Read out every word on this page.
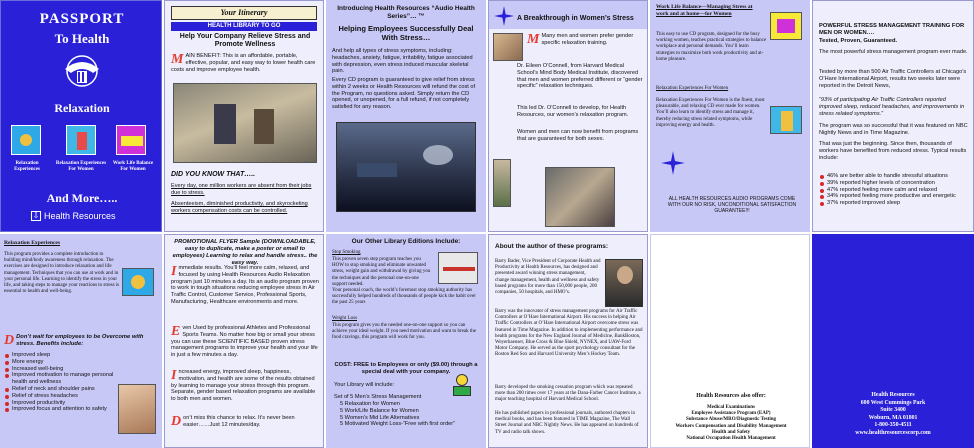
PASSPORT
To Health
Relaxation
Relaxation Experiences
Relaxation Experiences For Women
Work Life Balance For Women
And More…..
⇩ Health Resources
Your Itinerary
HEALTH LIBRARY TO GO
Help Your Company Relieve Stress and Promote Wellness
MAIN BENEFIT: This is an affordable, portable, effective, popular, and easy way to lower health care costs and improve employee health.
DID YOU KNOW THAT…..
Every day, one million workers are absent from their jobs due to stress.
Absenteeism, diminished productivity, and skyrocketing workers compensation costs can be controlled.
Introducing Health Resources “Audio Health Series”… ™
Helping Employees Successfully Deal With Stress…
And help all types of stress symptoms, including: headaches, anxiety, fatigue, irritability, fatigue associated with depression, even stress induced muscular skeletal pain.
Every CD program is guaranteed to give relief from stress within 2 weeks or Health Resources will refund the cost of the Program, no questions asked. Simply return the CD opened, or unopened, for a full refund, if not completely satisfied for any reason.
A Breakthrough in Women’s Stress
M Many men and women prefer gender specific relaxation training.
Dr. Eileen O’Connell, from Harvard Medical School’s Mind Body Medical Institute, discovered that men and women preferred different or “gender specific” relaxation techniques.
This led Dr. O’Connell to develop, for Health Resources, our women’s relaxation program.
Women and men can now benefit from programs that are guaranteed for both sexes.
Work Life Balance—Managing Stress at work and at home—for Women
This easy to use CD program, designed for the busy working women, teaches practical strategies to balance workplace and personal demands. You’ll learn strategies to maximize both work productivity and at-home pleasure.
Relaxation Experiences For Women
Relaxation Experiences For Women is the finest, most pleasurable, and relaxing CD ever made for women. You’ll also learn to identify stress and manage it, thereby reducing stress related symptoms, while improving energy and health.
ALL HEALTH RESOURCES AUDIO PROGRAMS COME WITH OUR NO RISK, UNCONDITIONAL SATISFACTION GUARANTEE!!!
POWERFUL STRESS MANAGEMENT TRAINING FOR MEN OR WOMEN….
Tested, Proven, Guaranteed.
The most powerful stress management program ever made.
Tested by more than 500 Air Traffic Controllers at Chicago’s O’Hare International Airport, results two weeks later were reported in the Detroit News,
“93% of participating Air Traffic Controllers reported improved sleep, reduced headaches, and improvements in stress related symptoms.”
The program was so successful that it was featured on NBC Nightly News and in Time Magazine.
That was just the beginning. Since then, thousands of workers have benefited from reduced stress. Typical results include:
46% are better able to handle stressful situations
39% reported higher levels of concentration
47% reported feeling more calm and relaxed
34% reported feeling more productive and energetic
37% reported improved sleep
Relaxation Experiences
This program provides a complete introduction to building mind/body awareness through relaxation. The exercises are designed to introduce relaxation and life management. Techniques that you can use at work and in your personal life. Learning to identify the stress in your life, and taking steps to manage your reactions to stress is essential to health and well-being.
D Don’t wait for employees to be Overcome with stress. Benefits include:
Improved sleep
More energy
Increased well-being
Improved motivation to manage personal health and wellness
Relief of neck and shoulder pains
Relief of stress headaches
Improved productivity
Improved focus and attention to safety
PROMOTIONAL FLYER Sample (DOWNLOADABLE, easy to duplicate, make a poster or email to employees) Learning to relax and handle stress.. the easy way.
Immediate results. You’ll feel more calm, relaxed, and focused by using Health Resources Audio Relaxation program just 10 minutes a day. Its an audio program proven to work in tough situations reducing employee stress in Air Traffic Control, Customer Service, Professional Sports, Manufacturing, Healthcare environments and more.
Even Used by professional Athletes and Professional Sports Teams. No matter how big or small your stress you can use these SCIENTIFIC BASED proven stress management programs to improve your health and your life in just a few minutes a day.
Increased energy, improved sleep, happiness, motivation, and health are some of the results obtained by learning to manage your stress through this program. Separate, gender based relaxation programs are available to both men and women.
Don’t miss this chance to relax. It’s never been easier……Just 12 minutes/day.
Our Other Library Editions Include:
Stop Smoking
This proven seven step program teaches you HOW to stop smoking and eliminate unwanted stress, weight gain and withdrawal by giving you the techniques and the personal one-on-one support needed.
Your personal coach, the world’s foremost stop smoking authority has successfully helped hundreds of thousands of people kick the habit over the past 25 years
Weight Loss
This program gives you the needed one-on-one support so you can achieve your ideal weight. If you need motivation and want to break the food cravings, this program will work for you.
COST: FREE to Employees or only ($9.00) through a special deal with your company.
Your Library will include:
Set of 5 Men’s Stress Management
5 Relaxation for Women
5 Work/Life Balance for Women
5 Women’s Mid Life Alternatives
5 Motivated Weight Loss-“Free with first order”
About the author of these programs:
Barry Bader, Vice President of Corporate Health and Productivity at Health Resources, has designed and presented award winning stress management, change management, health and wellness and safety based programs for more than 150,000 people, 200 companies, 50 hospitals, and HMO’s.
Barry was the innovator of stress management programs for Air Traffic Controllers at O’Hare International Airport. His success in helping Air Traffic Controllers at O’Hare International Airport overcome stress was featured in Time Magazine. In addition to implementing performance and health programs for the New England Journal of Medicine, BankBoston, Weyerhaeuser, Blue Cross & Blue Shield, NYNEX, and UAW-Ford Motor Company. He served as the sport psychology consultant for the Boston Red Sox and Harvard University Men’s Hockey Team.
Barry developed the smoking cessation program which was repeated more than 200 times over 17 years at the Dana-Farber Cancer Institute, a major teaching hospital of Harvard Medical School.
He has published papers in professional journals, authored chapters in medical books, and has been featured in TIME Magazine, The Wall Street Journal and NBC Nightly News. He has appeared on hundreds of TV and radio talk shows.
Health Resources also offer:
Medical Examinations
Employee Assistance Program (EAP)
Substance Abuse/MRO/Diagnostic Testing
Workers Compensation and Disability Management
Health and Safety
National Occupation Health Management
Health Resources
600 West Cummings Park
Suite 3400
Woburn, MA 01801
1-800-350-4511
www.healthresourcescorp.com
